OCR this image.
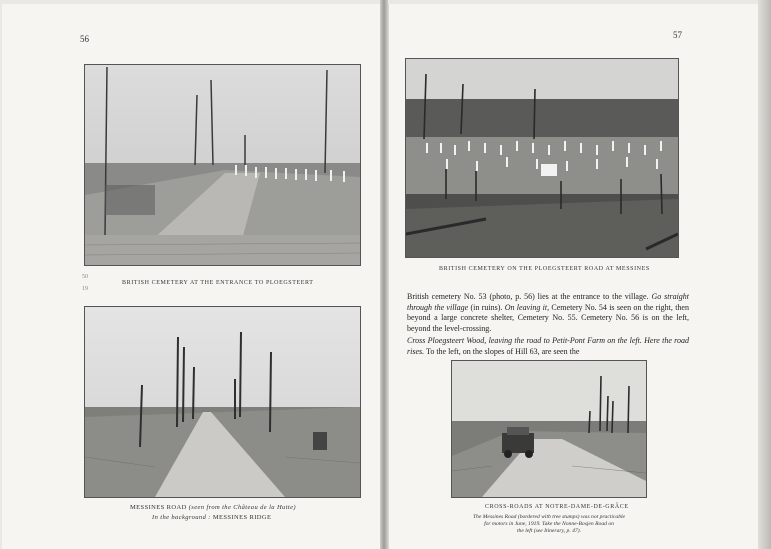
56
BRITISH CEMETERY AT THE ENTRANCE TO PLOEGSTEERT
50
19
MESSINES ROAD (seen from the Château de la Hutte)
In the background : MESSINES RIDGE
57
BRITISH CEMETERY ON THE PLOEGSTEERT ROAD AT MESSINES

British cemetery No. 53 (photo, p. 56) lies at the entrance to the village. Go straight through the village (in ruins). On leaving it, Cemetery No. 54 is seen on the right, then beyond a large concrete shelter, Cemetery No. 55. Cemetery No. 56 is on the left, beyond the level-crossing.

Cross Ploegsteert Wood, leaving the road to Petit-Pont Farm on the left. Here the road rises. To the left, on the slopes of Hill 63, are seen the

CROSS-ROADS AT NOTRE-DAME-DE-GRÂCE
The Messines Road (bordered with tree stumps) was not practicable
for motors in June, 1919. Take the Nonne-Bosjen Road on
the left (see Itinerary, p. 47).
